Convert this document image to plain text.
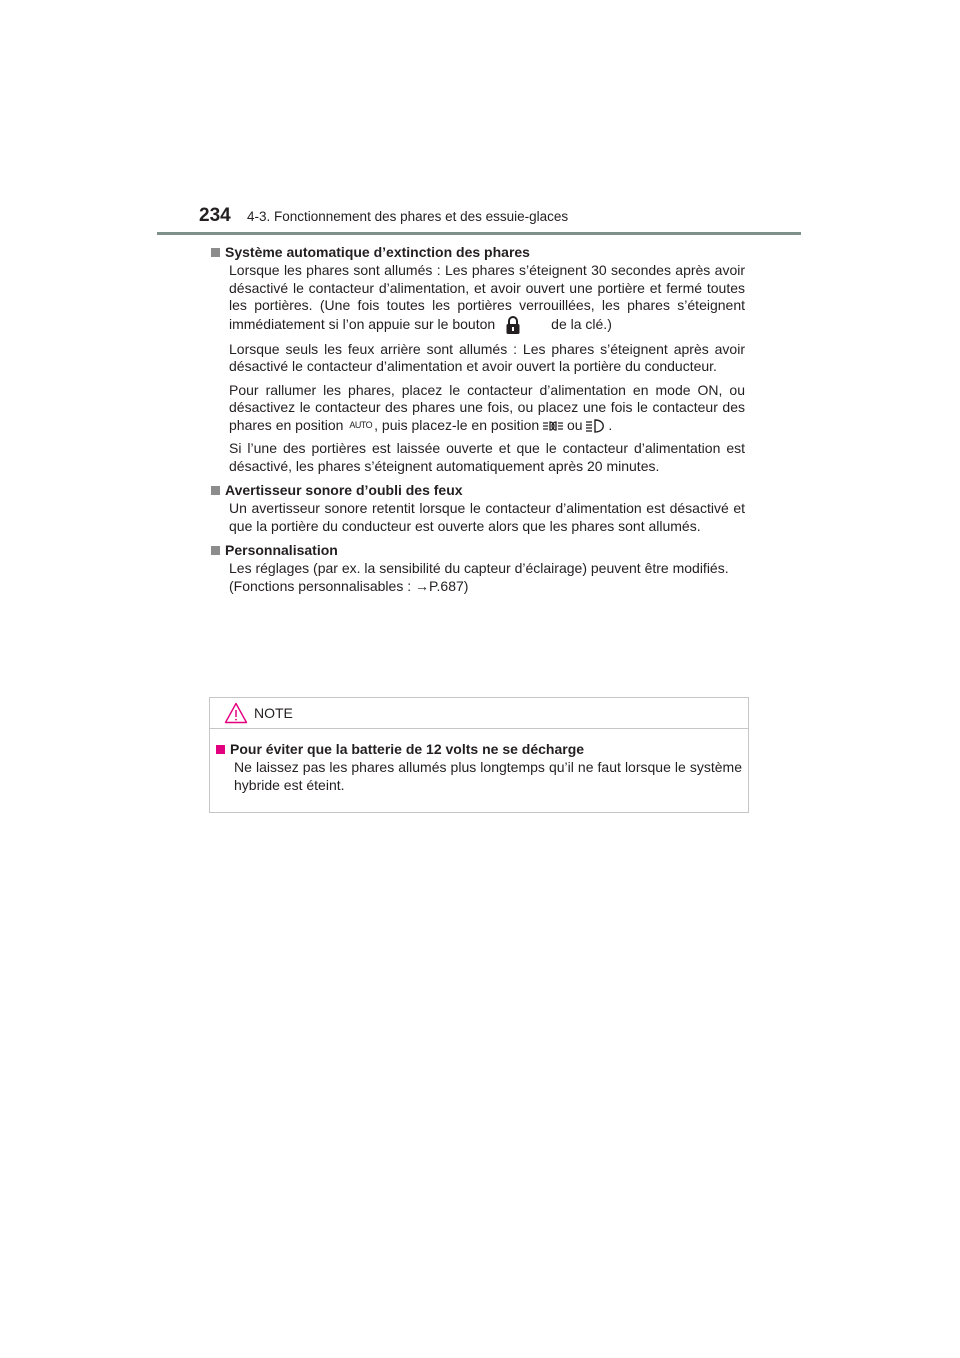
234 4-3. Fonctionnement des phares et des essuie-glaces
Système automatique d’extinction des phares
Lorsque les phares sont allumés : Les phares s’éteignent 30 secondes après avoir désactivé le contacteur d’alimentation, et avoir ouvert une portière et fermé toutes les portières. (Une fois toutes les portières verrouillées, les phares s’éteignent immédiatement si l’on appuie sur le bouton	de la clé.)
Lorsque seuls les feux arrière sont allumés : Les phares s’éteignent après avoir désactivé le contacteur d’alimentation et avoir ouvert la portière du conducteur.
Pour rallumer les phares, placez le contacteur d’alimentation en mode ON, ou désactivez le contacteur des phares une fois, ou placez une fois le contacteur des phares en position AUTO , puis placez-le en position ou .
Si l’une des portières est laissée ouverte et que le contacteur d’alimentation est désactivé, les phares s’éteignent automatiquement après 20 minutes.
Avertisseur sonore d’oubli des feux
Un avertisseur sonore retentit lorsque le contacteur d’alimentation est désactivé et que la portière du conducteur est ouverte alors que les phares sont allumés.
Personnalisation
Les réglages (par ex. la sensibilité du capteur d’éclairage) peuvent être modifiés.
(Fonctions personnalisables : →P.687)
NOTE
Pour éviter que la batterie de 12 volts ne se décharge
Ne laissez pas les phares allumés plus longtemps qu’il ne faut lorsque le système hybride est éteint.
